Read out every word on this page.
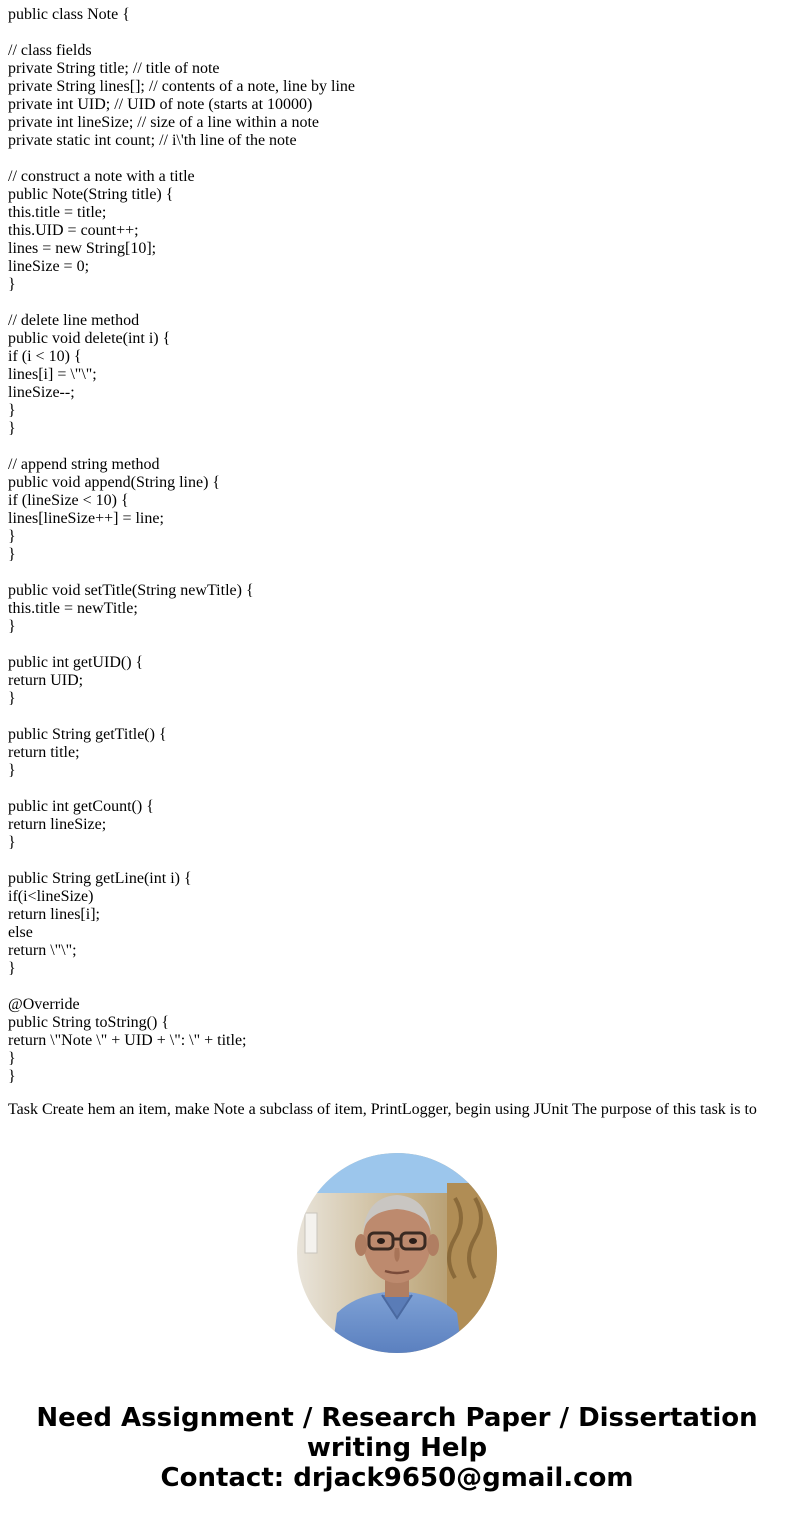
public class Note {
// class fields
private String title; // title of note
private String lines[]; // contents of a note, line by line
private int UID; // UID of note (starts at 10000)
private int lineSize; // size of a line within a note
private static int count; // i\'th line of the note
// construct a note with a title
public Note(String title) {
this.title = title;
this.UID = count++;
lines = new String[10];
lineSize = 0;
}
// delete line method
public void delete(int i) {
if (i < 10) {
lines[i] = \"\";
lineSize--;
}
}
// append string method
public void append(String line) {
if (lineSize < 10) {
lines[lineSize++] = line;
}
}
public void setTitle(String newTitle) {
this.title = newTitle;
}
public int getUID() {
return UID;
}
public String getTitle() {
return title;
}
public int getCount() {
return lineSize;
}
public String getLine(int i) {
if(i<lineSize)
return lines[i];
else
return \"\";
}
@Override
public String toString() {
return \"Note \" + UID + \": \" + title;
}
}
Task Create hem an item, make Note a subclass of item, PrintLogger, begin using JUnit The purpose of this task is to
Need Assignment / Research Paper / Dissertation
writing Help
Contact: drjack9650@gmail.com
